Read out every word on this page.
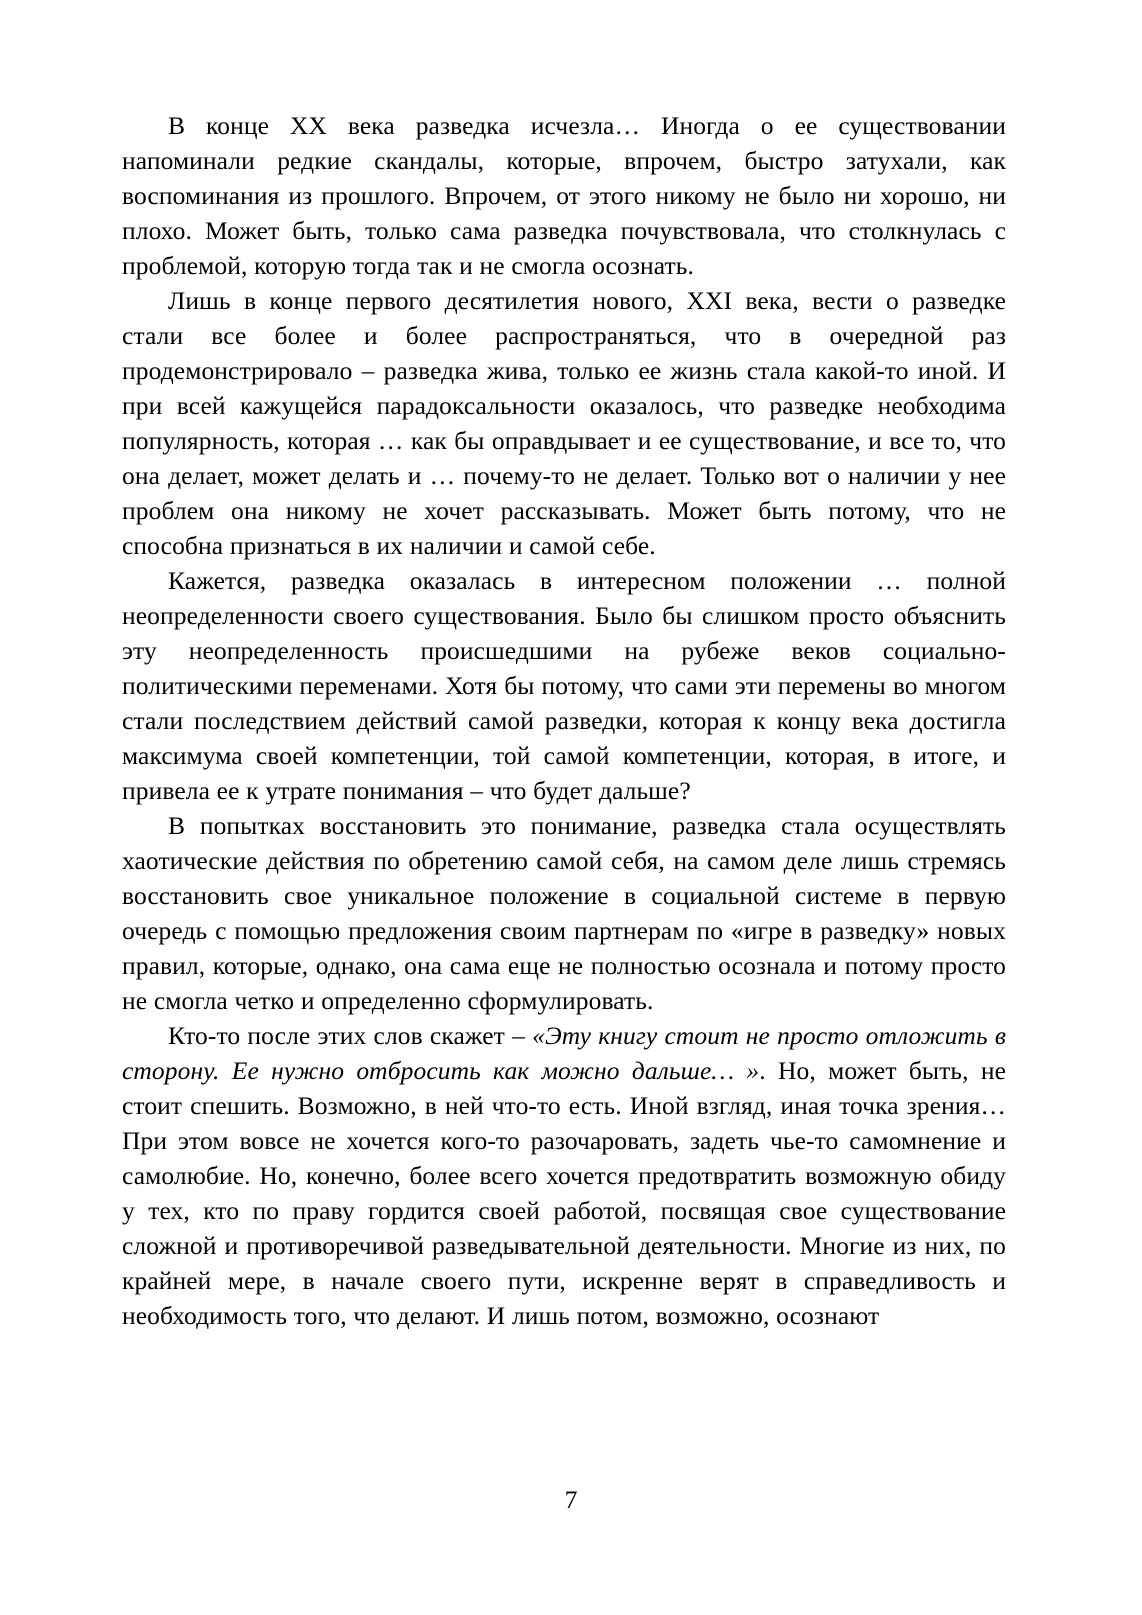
В конце XX века разведка исчезла… Иногда о ее существовании напоминали редкие скандалы, которые, впрочем, быстро затухали, как воспоминания из прошлого. Впрочем, от этого никому не было ни хорошо, ни плохо. Может быть, только сама разведка почувствовала, что столкнулась с проблемой, которую тогда так и не смогла осознать.

Лишь в конце первого десятилетия нового, XXI века, вести о разведке стали все более и более распространяться, что в очередной раз продемонстрировало – разведка жива, только ее жизнь стала какой-то иной. И при всей кажущейся парадоксальности оказалось, что разведке необходима популярность, которая … как бы оправдывает и ее существование, и все то, что она делает, может делать и … почему-то не делает. Только вот о наличии у нее проблем она никому не хочет рассказывать. Может быть потому, что не способна признаться в их наличии и самой себе.

Кажется, разведка оказалась в интересном положении … полной неопределенности своего существования. Было бы слишком просто объяснить эту неопределенность происшедшими на рубеже веков социально-политическими переменами. Хотя бы потому, что сами эти перемены во многом стали последствием действий самой разведки, которая к концу века достигла максимума своей компетенции, той самой компетенции, которая, в итоге, и привела ее к утрате понимания – что будет дальше?

В попытках восстановить это понимание, разведка стала осуществлять хаотические действия по обретению самой себя, на самом деле лишь стремясь восстановить свое уникальное положение в социальной системе в первую очередь с помощью предложения своим партнерам по «игре в разведку» новых правил, которые, однако, она сама еще не полностью осознала и потому просто не смогла четко и определенно сформулировать.

Кто-то после этих слов скажет – «Эту книгу стоит не просто отложить в сторону. Ее нужно отбросить как можно дальше… ». Но, может быть, не стоит спешить. Возможно, в ней что-то есть. Иной взгляд, иная точка зрения… При этом вовсе не хочется кого-то разочаровать, задеть чье-то самомнение и самолюбие. Но, конечно, более всего хочется предотвратить возможную обиду у тех, кто по праву гордится своей работой, посвящая свое существование сложной и противоречивой разведывательной деятельности. Многие из них, по крайней мере, в начале своего пути, искренне верят в справедливость и необходимость того, что делают. И лишь потом, возможно, осознают

7
